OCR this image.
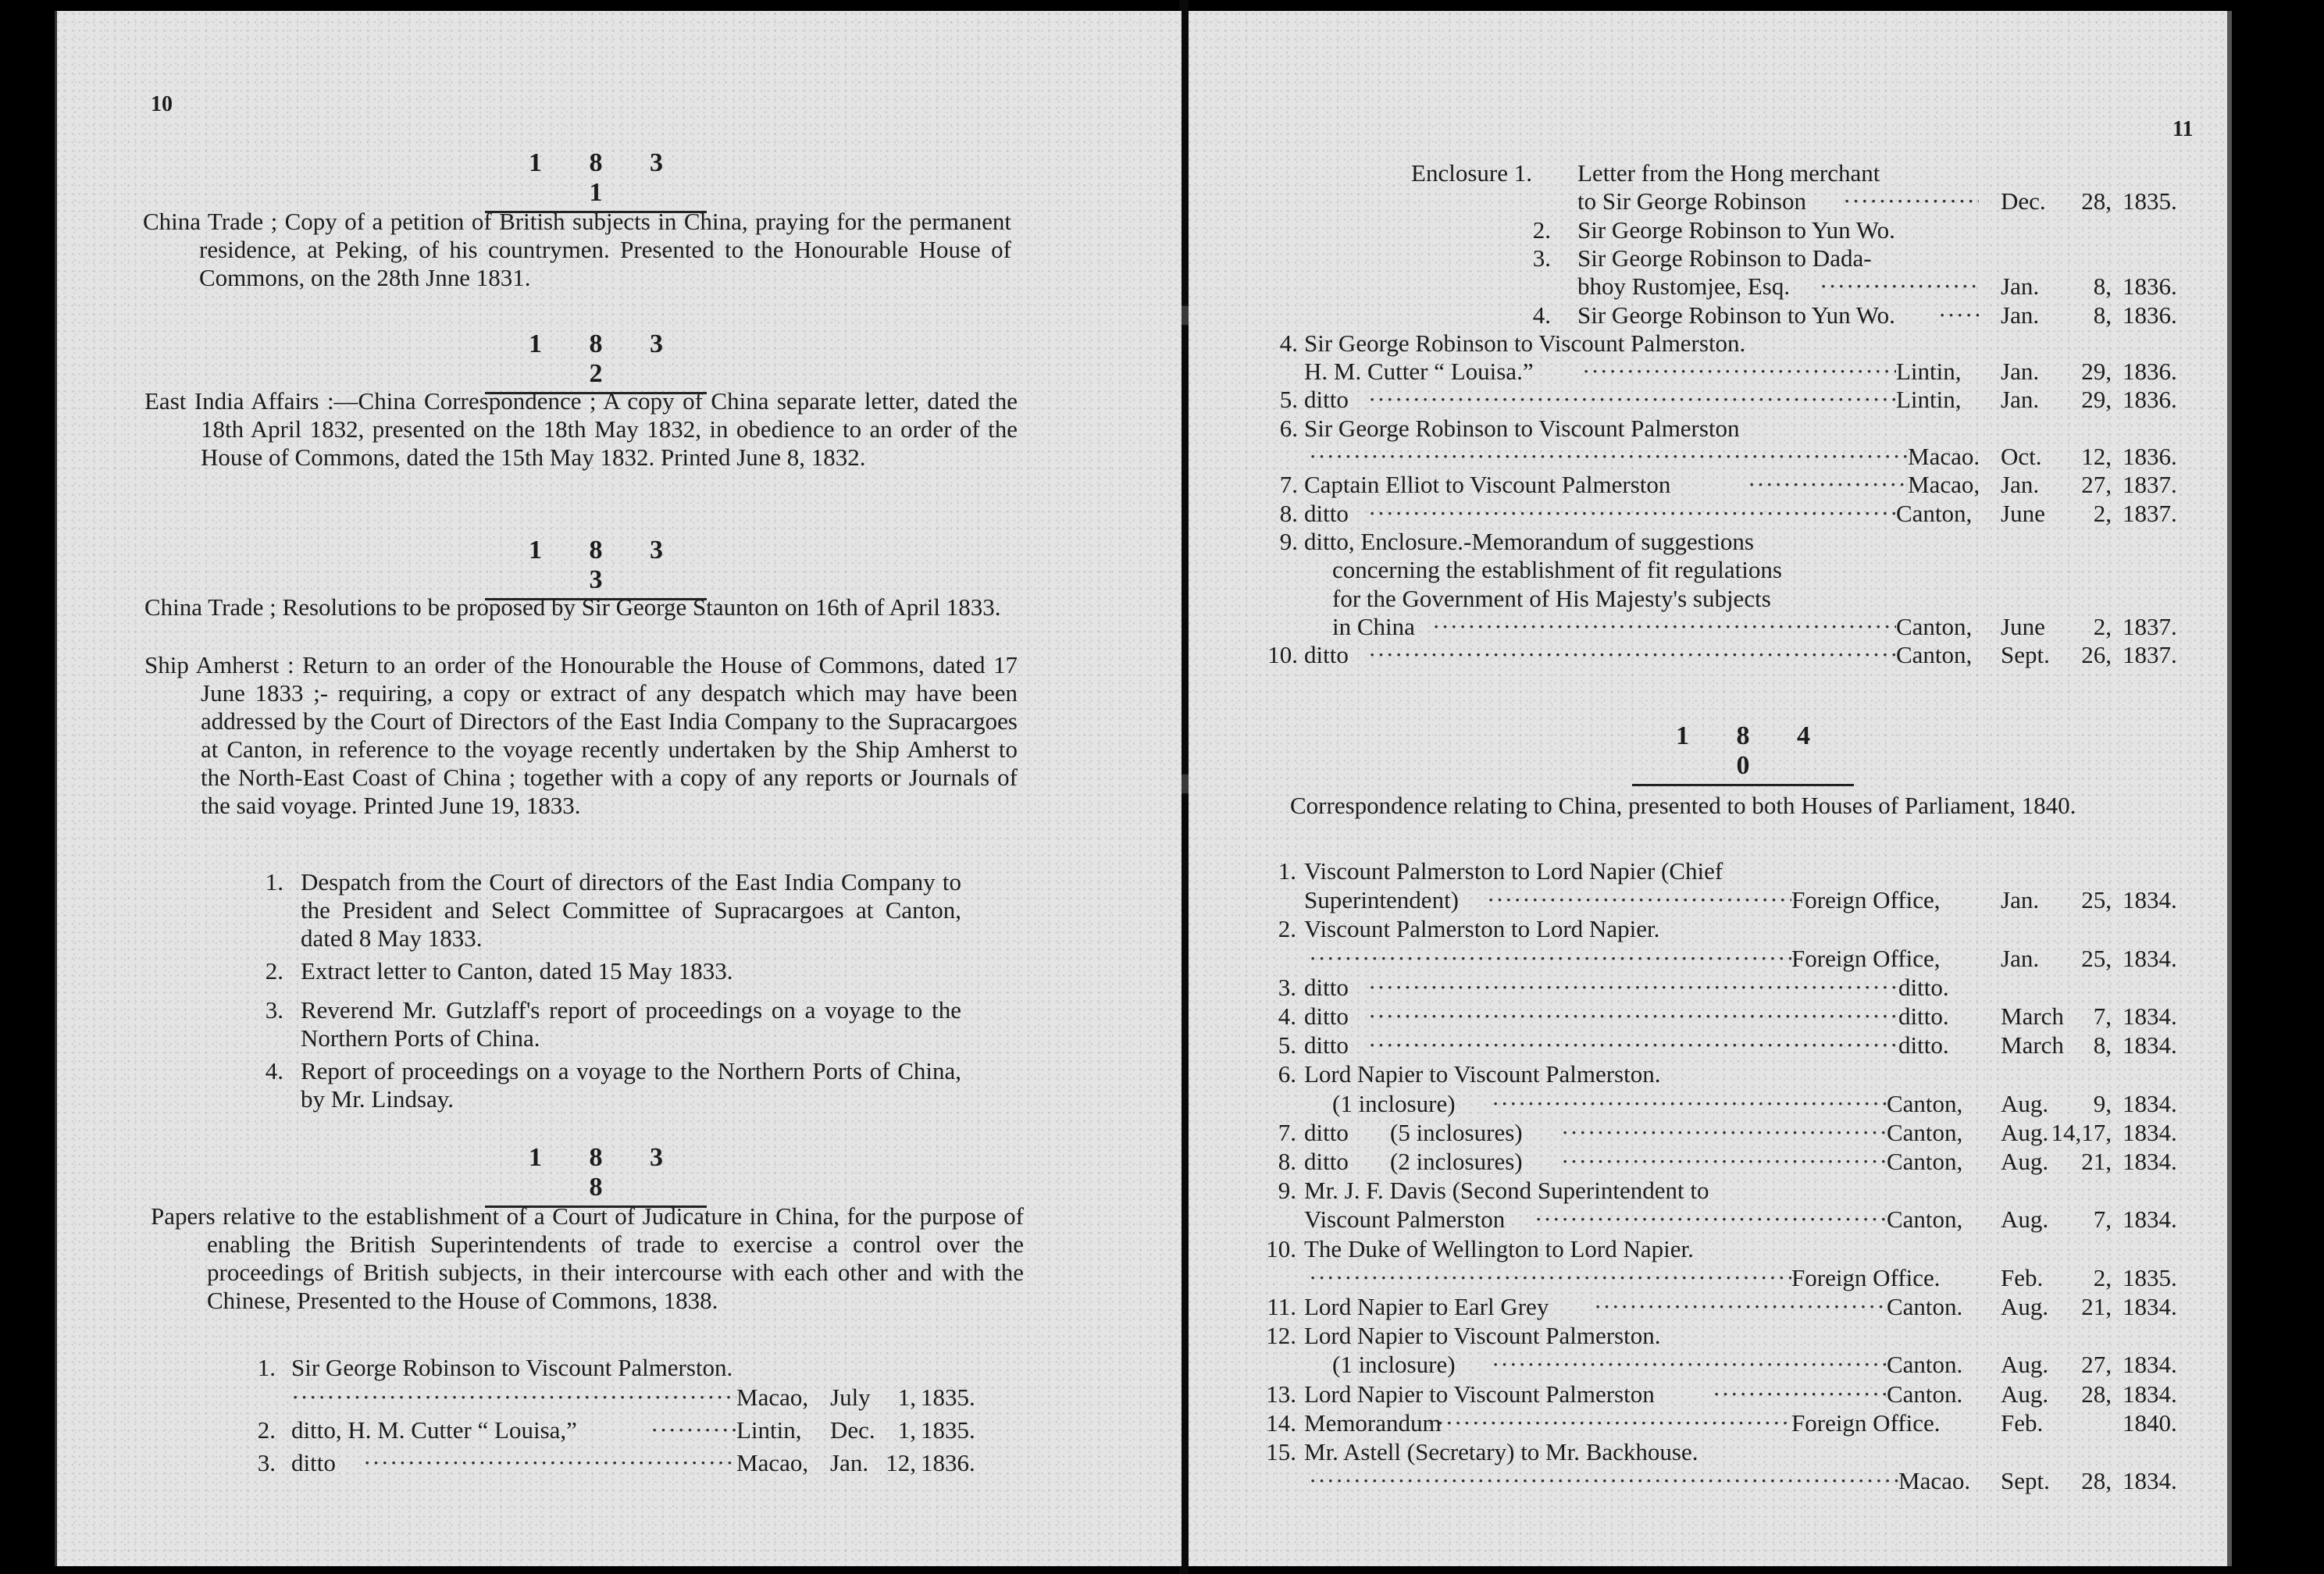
10
1 8 3 1
China Trade ; Copy of a petition of British subjects in China, praying for the permanent residence, at Peking, of his countrymen. Presented to the Honourable House of Commons, on the 28th Jnne 1831.
1 8 3 2
East India Affairs :—China Correspondence ; A copy of China separate letter, dated the 18th April 1832, presented on the 18th May 1832, in obedience to an order of the House of Commons, dated the 15th May 1832. Printed June 8, 1832.
1 8 3 3
China Trade ; Resolutions to be proposed by Sir George Staunton on 16th of April 1833.
Ship Amherst : Return to an order of the Honourable the House of Commons, dated 17 June 1833 ;- requiring, a copy or extract of any despatch which may have been addressed by the Court of Directors of the East India Company to the Supracargoes at Canton, in reference to the voyage recently undertaken by the Ship Amherst to the North-East Coast of China ; together with a copy of any reports or Journals of the said voyage. Printed June 19, 1833.
1. Despatch from the Court of directors of the East India Company to the President and Select Committee of Supracargoes at Canton, dated 8 May 1833.
2. Extract letter to Canton, dated 15 May 1833.
3. Reverend Mr. Gutzlaff's report of proceedings on a voyage to the Northern Ports of China.
4. Report of proceedings on a voyage to the Northern Ports of China, by Mr. Lindsay.
1 8 3 8
Papers relative to the establishment of a Court of Judicature in China, for the purpose of enabling the British Superintendents of trade to exercise a control over the proceedings of British subjects, in their intercourse with each other and with the Chinese, Presented to the House of Commons, 1838.
1. Sir George Robinson to Viscount Palmerston.
·····
Macao, July	1, 1835.
2. ditto, H. M. Cutter “ Louisa,” ·····	Lintin, Dec. 1, 1835.
3. ditto ·····	Macao, Jan. 12, 1836.
11
Enclosure 1. Letter from the Hong merchant
to Sir George Robinson ·····	Dec.	28, 1835.
2. Sir George Robinson to Yun Wo.
3. Sir George Robinson to Dada-
bhoy Rustomjee, Esq. ·····	Jan.	8, 1836.
4. Sir George Robinson to Yun Wo. ·····	Jan.	8, 1836.
4. Sir George Robinson to Viscount Palmerston.
H. M. Cutter “ Louisa.” ·····	Lintin, Jan.	29, 1836.
5. ditto ·····	Lintin, Jan.	29, 1836.
6. Sir George Robinson to Viscount Palmerston
·····
Macao. Oct.	12, 1836.
7. Captain Elliot to Viscount Palmerston ·····	Macao, Jan.	27, 1837.
8. ditto ·····	Canton, June	2, 1837.
9. ditto, Enclosure.-Memorandum of suggestions
concerning the establishment of fit regulations
for the Government of His Majesty's subjects
in China ·····	Canton, June	2, 1837.
10. ditto ·····	Canton, Sept.	26, 1837.
1 8 4 0
Correspondence relating to China, presented to both Houses of Parliament, 1840.
1. Viscount Palmerston to Lord Napier (Chief
Superintendent) ·····	Foreign Office, Jan.	25, 1834.
2. Viscount Palmerston to Lord Napier.
·····
Foreign Office, Jan.	25, 1834.
3. ditto ·····	ditto.
4. ditto ·····	ditto. March	7, 1834.
5. ditto ·····	ditto. March	8, 1834.
6. Lord Napier to Viscount Palmerston.
(1 inclosure) ·····	Canton, Aug.	9, 1834.
7. ditto (5 inclosures) ·····	Canton, Aug. 14,17, 1834.
8. ditto (2 inclosures) ·····	Canton, Aug.	21, 1834.
9. Mr. J. F. Davis (Second Superintendent to
Viscount Palmerston ·····	Canton, Aug.	7, 1834.
10. The Duke of Wellington to Lord Napier.
·····
Foreign Office. Feb.	2, 1835.
11. Lord Napier to Earl Grey ·····	Canton. Aug.	21, 1834.
12. Lord Napier to Viscount Palmerston.
(1 inclosure) ·····	Canton. Aug.	27, 1834.
13. Lord Napier to Viscount Palmerston ·····	Canton. Aug.	28, 1834.
14. Memorandum ·····	Foreign Office. Feb.	1840.
15. Mr. Astell (Secretary) to Mr. Backhouse.
·····
Macao. Sept.	28, 1834.
